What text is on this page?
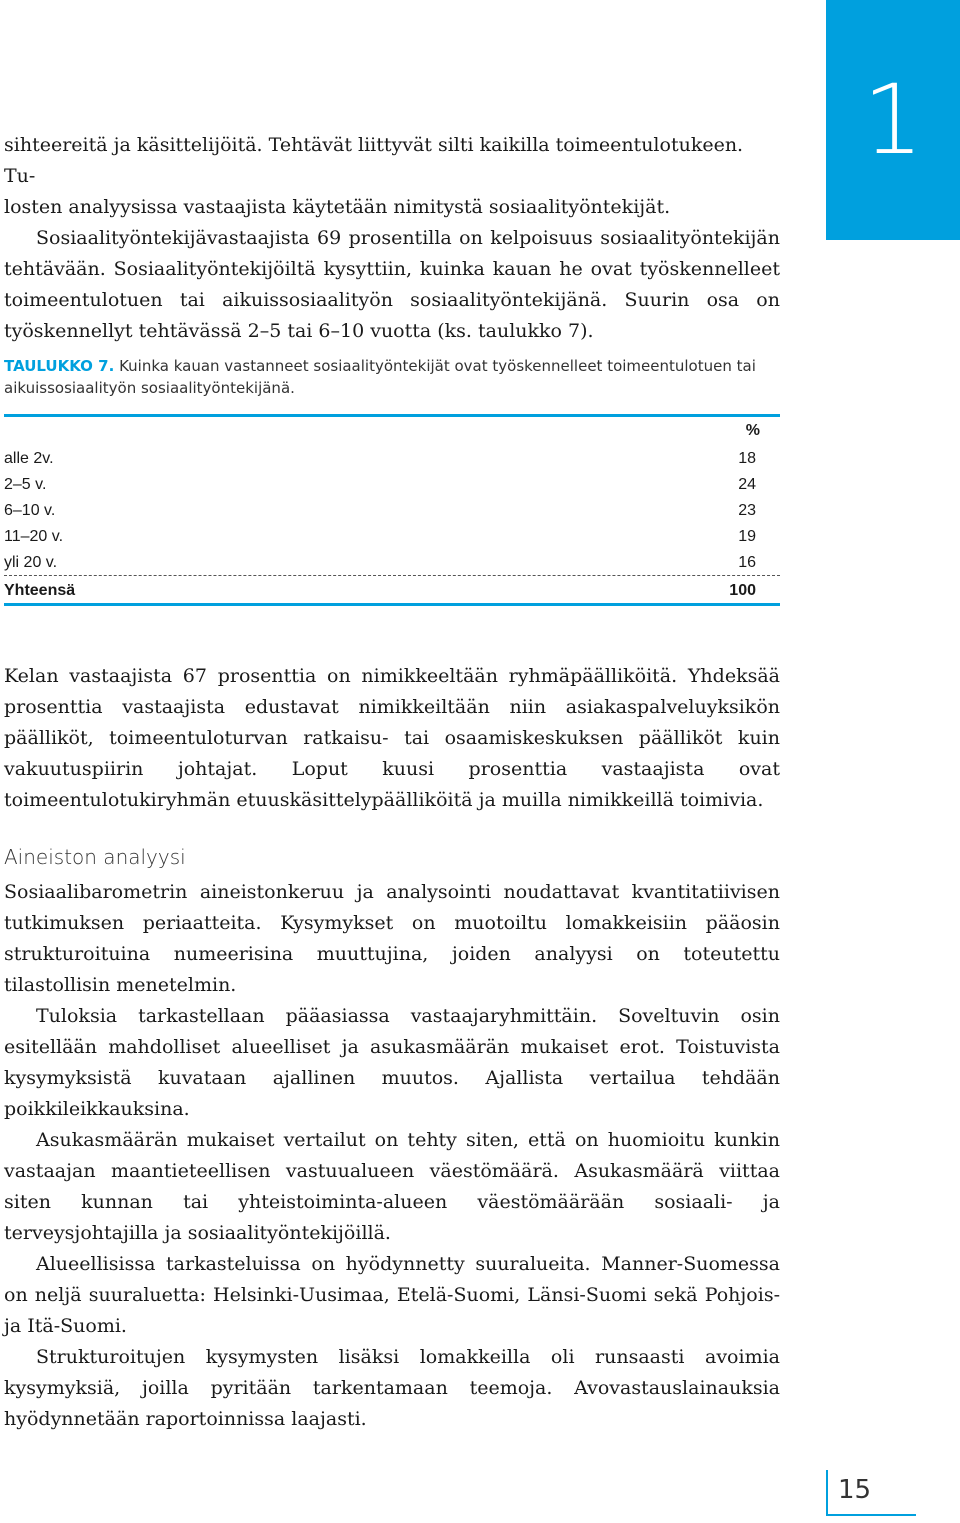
1

sihteereitä ja käsittelijöitä. Tehtävät liittyvät silti kaikilla toimeentulotukeen. Tu-

losten analyysissa vastaajista käytetään nimitystä sosiaalityöntekijät.

Sosiaalityöntekijävastaajista 69 prosentilla on kelpoisuus sosiaalityöntekijän tehtävään. Sosiaalityöntekijöiltä kysyttiin, kuinka kauan he ovat työskennelleet toimeentulotuen tai aikuissosiaalityön sosiaalityöntekijänä. Suurin osa on työskennellyt tehtävässä 2–5 tai 6–10 vuotta (ks. taulukko 7).

TAULUKKO 7. Kuinka kauan vastanneet sosiaalityöntekijät ovat työskennelleet toimeentulotuen tai aikuissosiaalityön sosiaalityöntekijänä.

%
alle 2v.	18
2–5 v.	24
6–10 v.	23
11–20 v.	19
yli 20 v.	16
Yhteensä	100

Kelan vastaajista 67 prosenttia on nimikkeeltään ryhmäpäälliköitä. Yhdeksää prosenttia vastaajista edustavat nimikkeiltään niin asiakaspalveluyksikön päälliköt, toimeentuloturvan ratkaisu- tai osaamiskeskuksen päälliköt kuin vakuutuspiirin johtajat. Loput kuusi prosenttia vastaajista ovat toimeentulotukiryhmän etuuskäsittelypäälliköitä ja muilla nimikkeillä toimivia.

Aineiston analyysi

Sosiaalibarometrin aineistonkeruu ja analysointi noudattavat kvantitatiivisen tutkimuksen periaatteita. Kysymykset on muotoiltu lomakkeisiin pääosin strukturoituina numeerisina muuttujina, joiden analyysi on toteutettu tilastollisin menetelmin.

Tuloksia tarkastellaan pääasiassa vastaajaryhmittäin. Soveltuvin osin esitellään mahdolliset alueelliset ja asukasmäärän mukaiset erot. Toistuvista kysymyksistä kuvataan ajallinen muutos. Ajallista vertailua tehdään poikkileikkauksina.

Asukasmäärän mukaiset vertailut on tehty siten, että on huomioitu kunkin vastaajan maantieteellisen vastuualueen väestömäärä. Asukasmäärä viittaa siten kunnan tai yhteistoiminta-alueen väestömäärään sosiaali- ja terveysjohtajilla ja sosiaalityöntekijöillä.

Alueellisissa tarkasteluissa on hyödynnetty suuralueita. Manner-Suomessa on neljä suuraluetta: Helsinki-Uusimaa, Etelä-Suomi, Länsi-Suomi sekä Pohjois- ja Itä-Suomi.

Strukturoitujen kysymysten lisäksi lomakkeilla oli runsaasti avoimia kysymyksiä, joilla pyritään tarkentamaan teemoja. Avovastauslainauksia hyödynnetään raportoinnissa laajasti.

15
